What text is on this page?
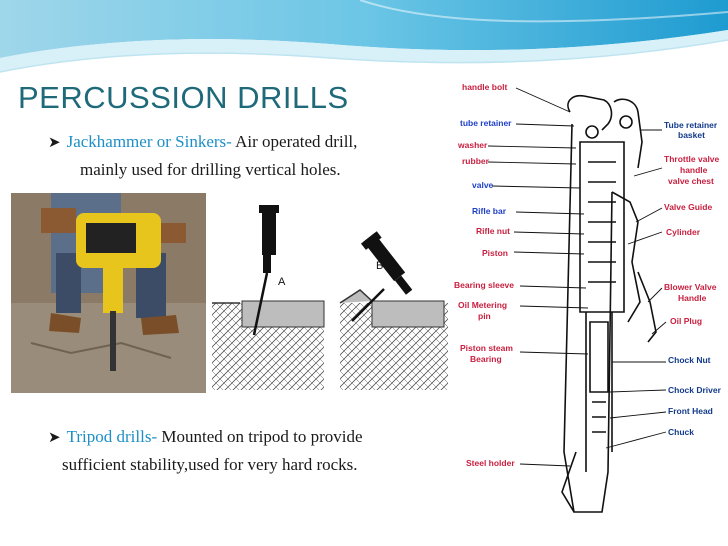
PERCUSSION DRILLS
➤ Jackhammer or Sinkers- Air operated drill,
mainly used for drilling vertical holes.
A
B
➤ Tripod drills- Mounted on tripod to provide
sufficient stability,used for very hard rocks.
handle bolt
tube retainer
washer
rubber
valve
Rifle bar
Rifle nut
Piston
Bearing sleeve
Oil Metering
pin
Piston steam
Bearing
Steel holder
Tube retainer
basket
Throttle valve
handle
valve chest
Valve Guide
Cylinder
Blower Valve
Handle
Oil Plug
Chock Nut
Chock Driver
Front Head
Chuck
